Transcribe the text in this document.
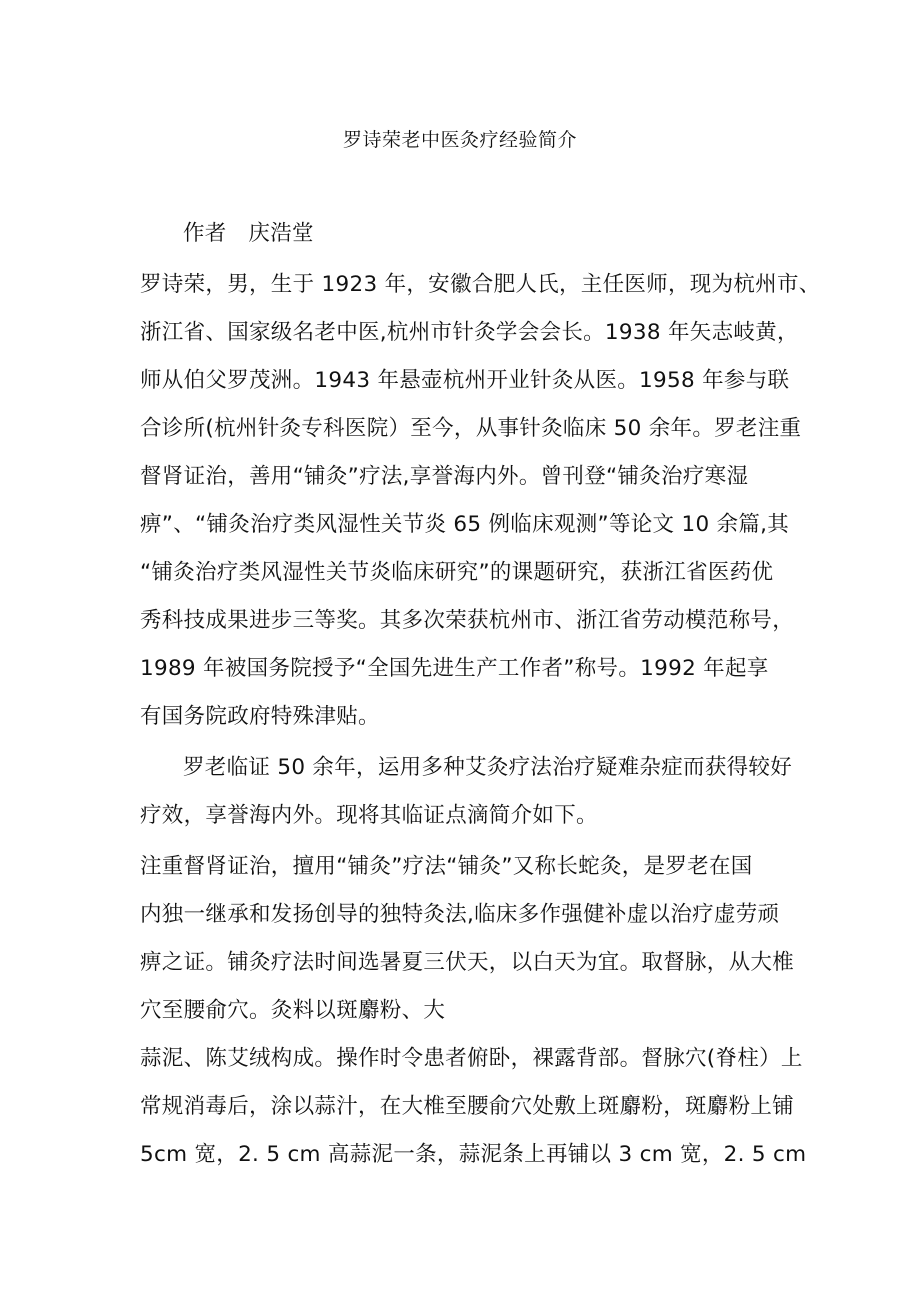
罗诗荣老中医灸疗经验简介
作者　庆浩堂
罗诗荣，男，生于 1923 年，安徽合肥人氏，主任医师，现为杭州市、
浙江省、国家级名老中医,杭州市针灸学会会长。1938 年矢志岐黄，
师从伯父罗茂洲。1943 年悬壶杭州开业针灸从医。1958 年参与联
合诊所(杭州针灸专科医院）至今，从事针灸临床 50 余年。罗老注重
督肾证治，善用“铺灸”疗法,享誉海内外。曾刊登“铺灸治疗寒湿
痹”、“铺灸治疗类风湿性关节炎 65 例临床观测”等论文 10 余篇,其
“铺灸治疗类风湿性关节炎临床研究”的课题研究，获浙江省医药优
秀科技成果进步三等奖。其多次荣获杭州市、浙江省劳动模范称号，
1989 年被国务院授予“全国先进生产工作者”称号。1992 年起享
有国务院政府特殊津贴。
罗老临证 50 余年，运用多种艾灸疗法治疗疑难杂症而获得较好
疗效，享誉海内外。现将其临证点滴简介如下。
注重督肾证治，擅用“铺灸”疗法“铺灸”又称长蛇灸，是罗老在国
内独一继承和发扬创导的独特灸法,临床多作强健补虚以治疗虚劳顽
痹之证。铺灸疗法时间选暑夏三伏天，以白天为宜。取督脉，从大椎
穴至腰俞穴。灸料以斑麝粉、大
蒜泥、陈艾绒构成。操作时令患者俯卧，裸露背部。督脉穴(脊柱）上
常规消毒后，涂以蒜汁，在大椎至腰俞穴处敷上斑麝粉，斑麝粉上铺
5cm 宽，2. 5 cm 高蒜泥一条，蒜泥条上再铺以 3 cm 宽，2. 5 cm
